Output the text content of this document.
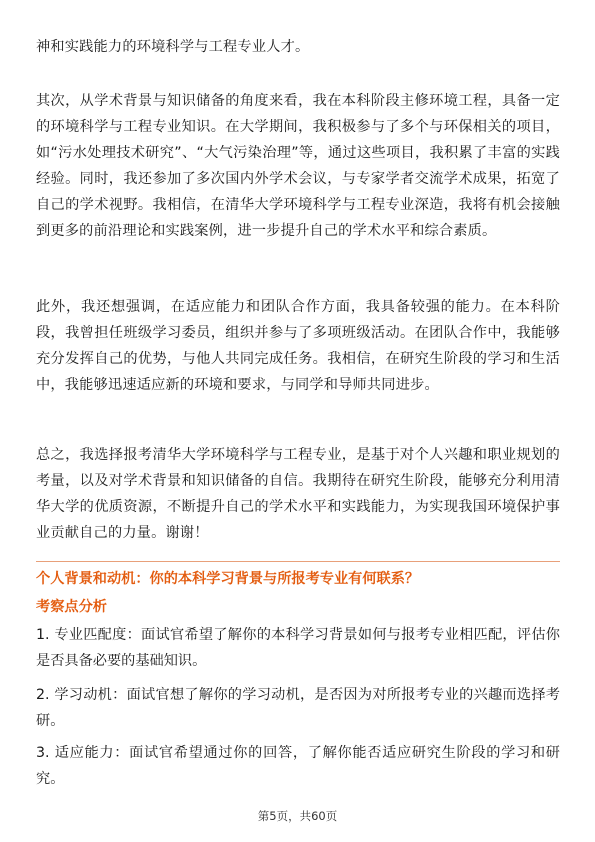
神和实践能力的环境科学与工程专业人才。

其次，从学术背景与知识储备的角度来看，我在本科阶段主修环境工程，具备一定的环境科学与工程专业知识。在大学期间，我积极参与了多个与环保相关的项目，如“污水处理技术研究”、“大气污染治理”等，通过这些项目，我积累了丰富的实践经验。同时，我还参加了多次国内外学术会议，与专家学者交流学术成果，拓宽了自己的学术视野。我相信，在清华大学环境科学与工程专业深造，我将有机会接触到更多的前沿理论和实践案例，进一步提升自己的学术水平和综合素质。

此外，我还想强调，在适应能力和团队合作方面，我具备较强的能力。在本科阶段，我曾担任班级学习委员，组织并参与了多项班级活动。在团队合作中，我能够充分发挥自己的优势，与他人共同完成任务。我相信，在研究生阶段的学习和生活中，我能够迅速适应新的环境和要求，与同学和导师共同进步。

总之，我选择报考清华大学环境科学与工程专业，是基于对个人兴趣和职业规划的考量，以及对学术背景和知识储备的自信。我期待在研究生阶段，能够充分利用清华大学的优质资源，不断提升自己的学术水平和实践能力，为实现我国环境保护事业贡献自己的力量。谢谢！

个人背景和动机：你的本科学习背景与所报考专业有何联系？

考察点分析

1. 专业匹配度：面试官希望了解你的本科学习背景如何与报考专业相匹配，评估你是否具备必要的基础知识。

2. 学习动机：面试官想了解你的学习动机，是否因为对所报考专业的兴趣而选择考研。

3. 适应能力：面试官希望通过你的回答，了解你能否适应研究生阶段的学习和研究。

第5页，共60页
